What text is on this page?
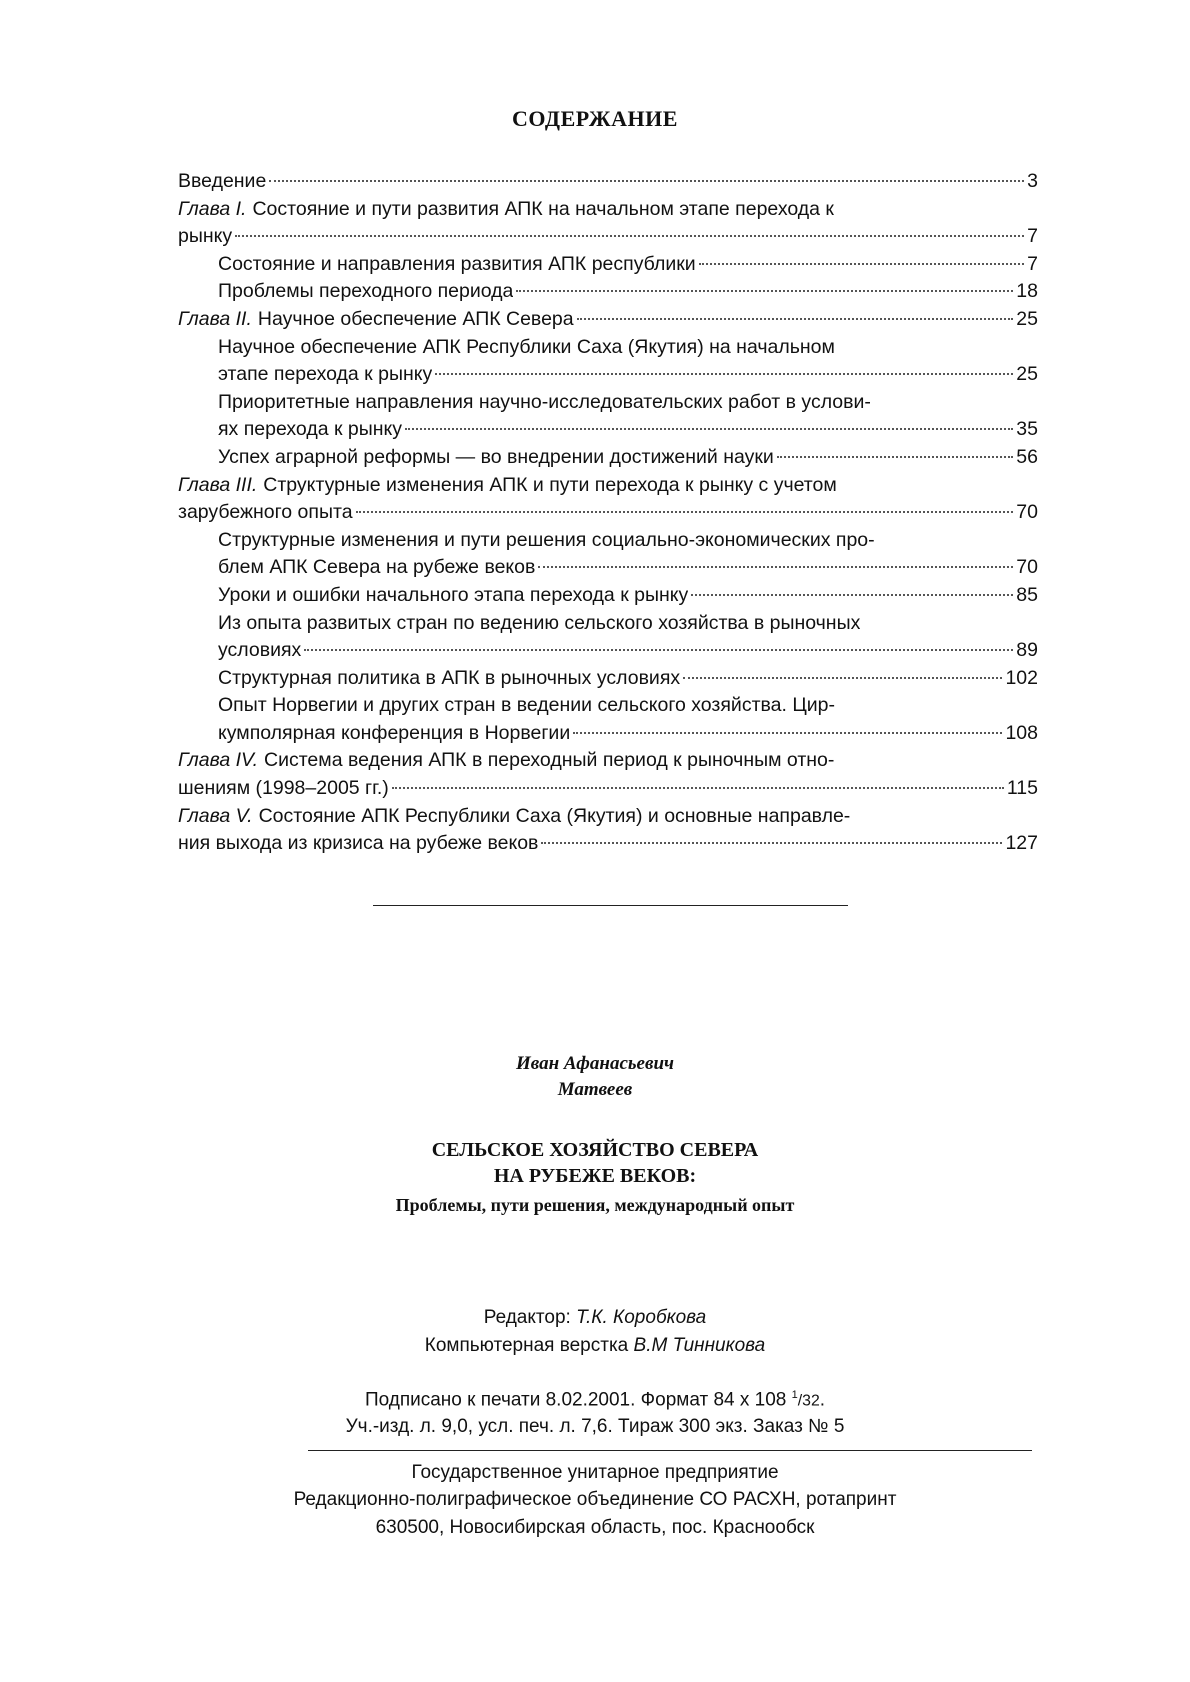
СОДЕРЖАНИЕ
Введение	3
Глава I. Состояние и пути развития АПК на начальном этапе перехода к
рынку	7
Состояние и направления развития АПК республики	7
Проблемы переходного периода	18
Глава II. Научное обеспечение АПК Севера	25
Научное обеспечение АПК Республики Саха (Якутия) на начальном
этапе перехода к рынку	25
Приоритетные направления научно-исследовательских работ в услови-
ях перехода к рынку	35
Успех аграрной реформы — во внедрении достижений науки	56
Глава III. Структурные изменения АПК и пути перехода к рынку с учетом
зарубежного опыта	70
Структурные изменения и пути решения социально-экономических про-
блем АПК Севера на рубеже веков	70
Уроки и ошибки начального этапа перехода к рынку	85
Из опыта развитых стран по ведению сельского хозяйства в рыночных
условиях	89
Структурная политика в АПК в рыночных условиях	102
Опыт Норвегии и других стран в ведении сельского хозяйства. Цир-
кумполярная конференция в Норвегии	108
Глава IV. Система ведения АПК в переходный период к рыночным отно-
шениям (1998–2005 гг.)	115
Глава V. Состояние АПК Республики Саха (Якутия) и основные направле-
ния выхода из кризиса на рубеже веков	127
Иван Афанасьевич
Матвеев
СЕЛЬСКОЕ ХОЗЯЙСТВО СЕВЕРА
НА РУБЕЖЕ ВЕКОВ:
Проблемы, пути решения, международный опыт
Редактор: Т.К. Коробкова
Компьютерная верстка В.М Тинникова
Подписано к печати 8.02.2001. Формат 84 х 108 $^1$/32.
Уч.-изд. л. 9,0, усл. печ. л. 7,6. Тираж 300 экз. Заказ № 5
Государственное унитарное предприятие
Редакционно-полиграфическое объединение СО РАСХН, ротапринт
630500, Новосибирская область, пос. Краснообск
